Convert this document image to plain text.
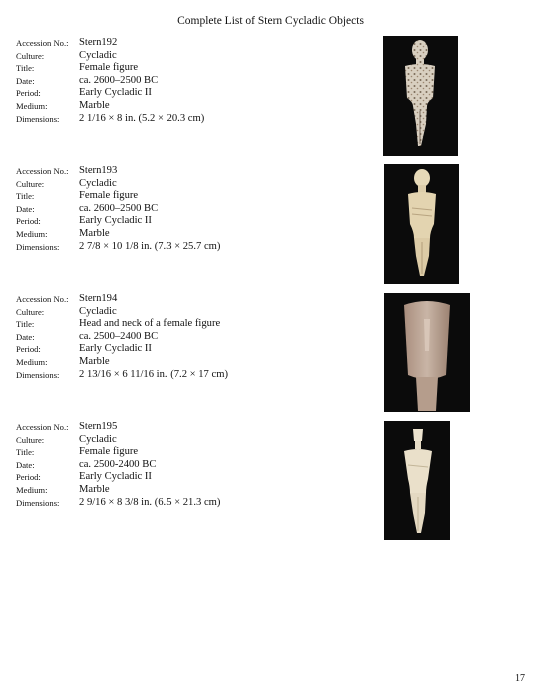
Complete List of Stern Cycladic Objects
Accession No.: Stern192
Culture:	Cycladic
Title:	Female figure
Date:	ca. 2600–2500 BC
Period:	Early Cycladic II
Medium:	Marble
Dimensions:	2 1/16 × 8 in. (5.2 × 20.3 cm)
Accession No.: Stern193
Culture:	Cycladic
Title:	Female figure
Date:	ca. 2600–2500 BC
Period:	Early Cycladic II
Medium:	Marble
Dimensions:	2 7/8 × 10 1/8 in. (7.3 × 25.7 cm)
Accession No.: Stern194
Culture:	Cycladic
Title:	Head and neck of a female figure
Date:	ca. 2500–2400 BC
Period:	Early Cycladic II
Medium:	Marble
Dimensions:	2 13/16 × 6 11/16 in. (7.2 × 17 cm)
Accession No.: Stern195
Culture:	Cycladic
Title:	Female figure
Date:	ca. 2500-2400 BC
Period:	Early Cycladic II
Medium:	Marble
Dimensions:	2 9/16 × 8 3/8 in. (6.5 × 21.3 cm)
17
